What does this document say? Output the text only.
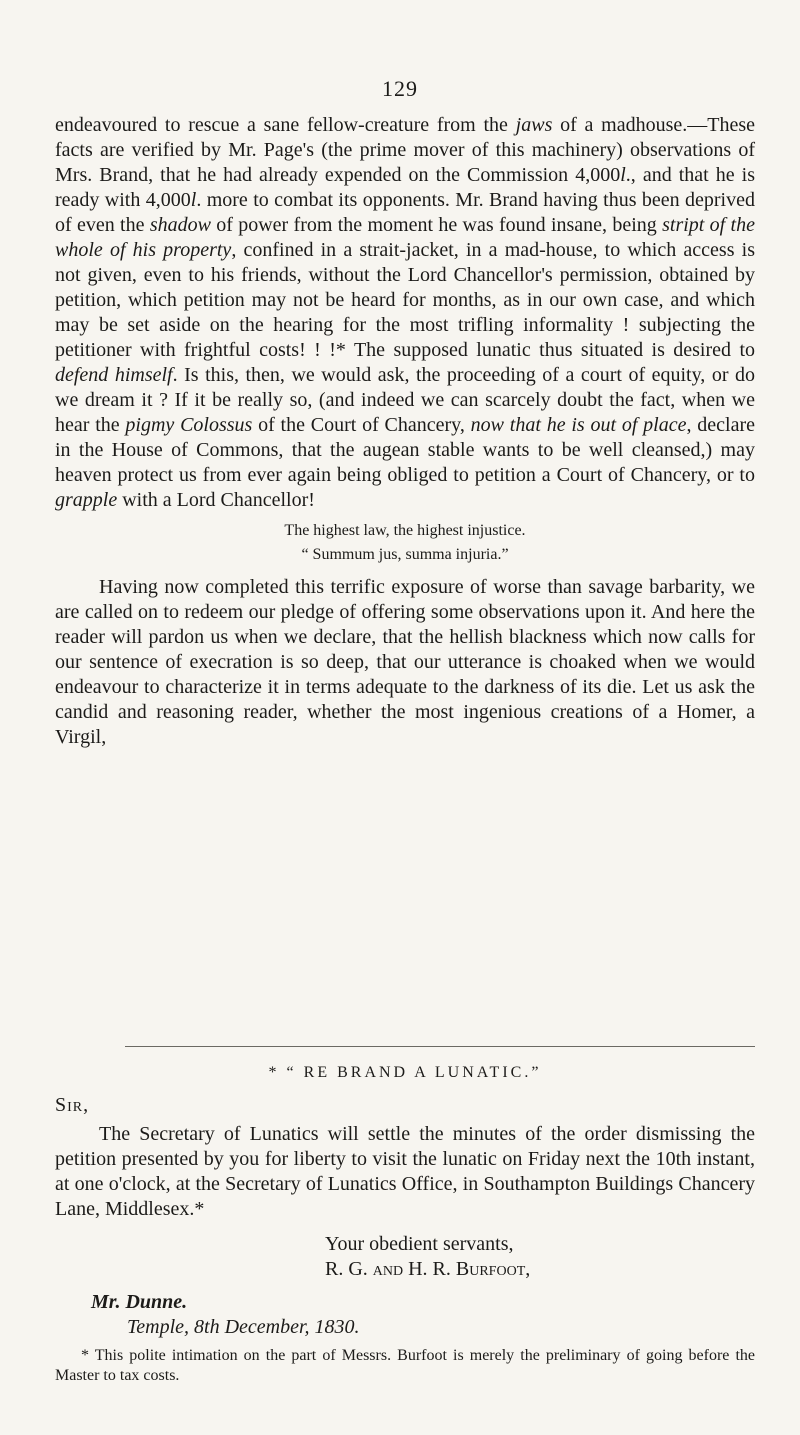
129

endeavoured to rescue a sane fellow-creature from the jaws of a madhouse.—These facts are verified by Mr. Page's (the prime mover of this machinery) observations of Mrs. Brand, that he had already expended on the Commission 4,000l., and that he is ready with 4,000l. more to combat its opponents. Mr. Brand having thus been deprived of even the shadow of power from the moment he was found insane, being stript of the whole of his property, confined in a strait-jacket, in a mad-house, to which access is not given, even to his friends, without the Lord Chancellor's permission, obtained by petition, which petition may not be heard for months, as in our own case, and which may be set aside on the hearing for the most trifling informality ! subjecting the petitioner with frightful costs! ! !* The supposed lunatic thus situated is desired to defend himself. Is this, then, we would ask, the proceeding of a court of equity, or do we dream it ? If it be really so, (and indeed we can scarcely doubt the fact, when we hear the pigmy Colossus of the Court of Chancery, now that he is out of place, declare in the House of Commons, that the augean stable wants to be well cleansed,) may heaven protect us from ever again being obliged to petition a Court of Chancery, or to grapple with a Lord Chancellor!

The highest law, the highest injustice.
“ Summum jus, summa injuria.”

Having now completed this terrific exposure of worse than savage barbarity, we are called on to redeem our pledge of offering some observations upon it. And here the reader will pardon us when we declare, that the hellish blackness which now calls for our sentence of execration is so deep, that our utterance is choaked when we would endeavour to characterize it in terms adequate to the darkness of its die. Let us ask the candid and reasoning reader, whether the most ingenious creations of a Homer, a Virgil,

* “ RE BRAND A LUNATIC.”
Sir,

The Secretary of Lunatics will settle the minutes of the order dismissing the petition presented by you for liberty to visit the lunatic on Friday next the 10th instant, at one o'clock, at the Secretary of Lunatics Office, in Southampton Buildings Chancery Lane, Middlesex.*

Your obedient servants,
R. G. and H. R. Burfoot,
Mr. Dunne.
Temple, 8th December, 1830.
* This polite intimation on the part of Messrs. Burfoot is merely the preliminary of going before the Master to tax costs.
